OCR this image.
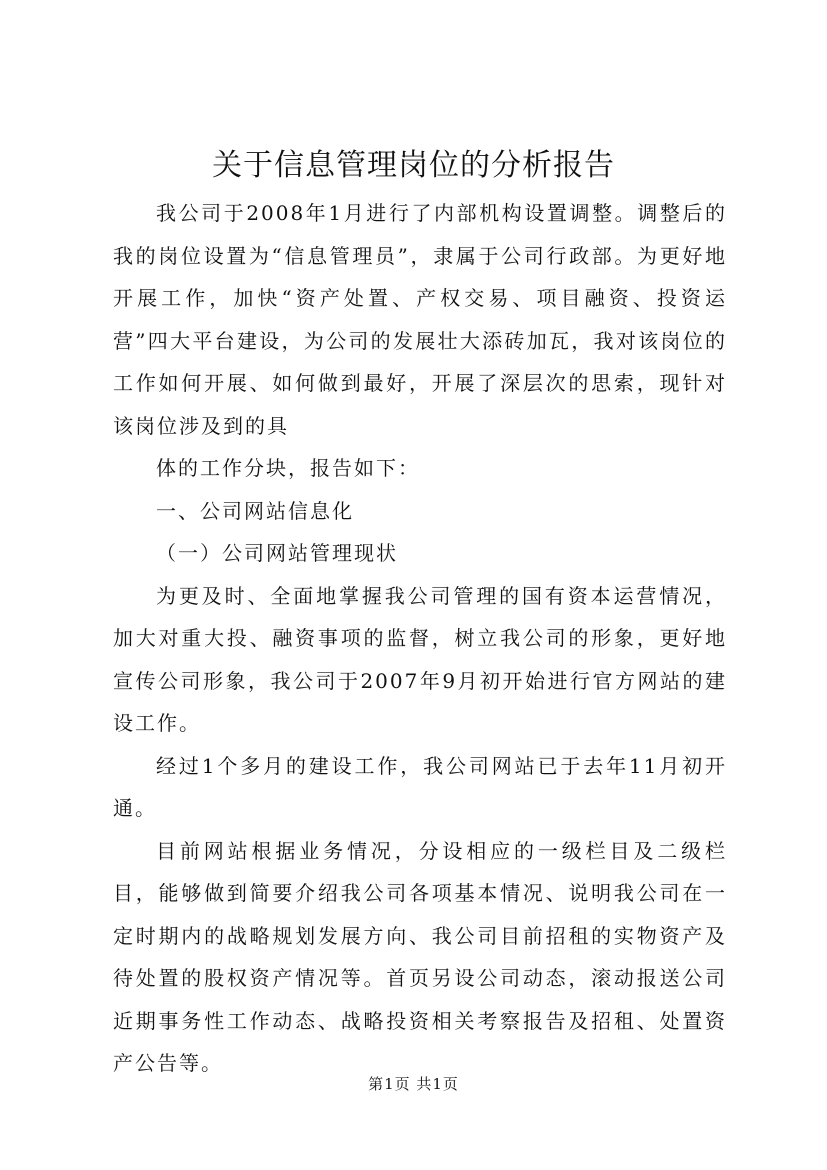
关于信息管理岗位的分析报告

我公司于2008年1月进行了内部机构设置调整。调整后的我的岗位设置为“信息管理员”，隶属于公司行政部。为更好地开展工作，加快“资产处置、产权交易、项目融资、投资运营”四大平台建设，为公司的发展壮大添砖加瓦，我对该岗位的工作如何开展、如何做到最好，开展了深层次的思索，现针对该岗位涉及到的具

体的工作分块，报告如下：

一、公司网站信息化

（一）公司网站管理现状

为更及时、全面地掌握我公司管理的国有资本运营情况，加大对重大投、融资事项的监督，树立我公司的形象，更好地宣传公司形象，我公司于2007年9月初开始进行官方网站的建设工作。

经过1个多月的建设工作，我公司网站已于去年11月初开通。

目前网站根据业务情况，分设相应的一级栏目及二级栏目，能够做到简要介绍我公司各项基本情况、说明我公司在一定时期内的战略规划发展方向、我公司目前招租的实物资产及待处置的股权资产情况等。首页另设公司动态，滚动报送公司近期事务性工作动态、战略投资相关考察报告及招租、处置资产公告等。

第1页 共1页
